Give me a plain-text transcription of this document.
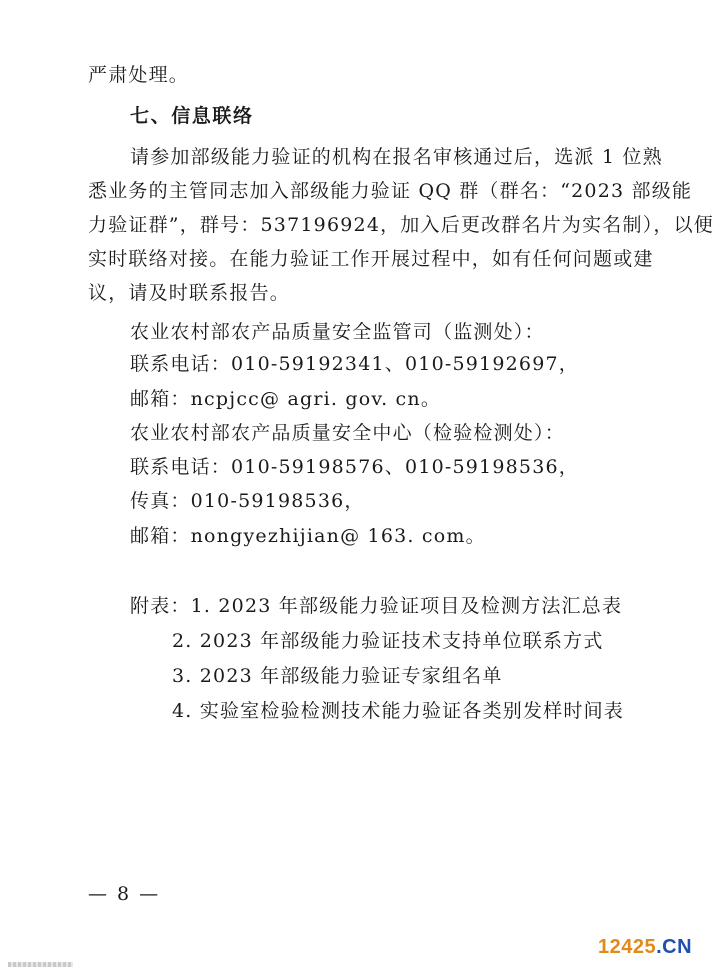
严肃处理。
七、信息联络
请参加部级能力验证的机构在报名审核通过后，选派 1 位熟
悉业务的主管同志加入部级能力验证 QQ 群（群名：“2023 部级能
力验证群”，群号：537196924，加入后更改群名片为实名制），以便
实时联络对接。在能力验证工作开展过程中，如有任何问题或建
议，请及时联系报告。
农业农村部农产品质量安全监管司（监测处）：
联系电话：010-59192341、010-59192697，
邮箱：ncpjcc@ agri. gov. cn。
农业农村部农产品质量安全中心（检验检测处）：
联系电话：010-59198576、010-59198536，
传真：010-59198536，
邮箱：nongyezhijian@ 163. com。
附表：1. 2023 年部级能力验证项目及检测方法汇总表
2. 2023 年部级能力验证技术支持单位联系方式
3. 2023 年部级能力验证专家组名单
4. 实验室检验检测技术能力验证各类别发样时间表
— 8 —
12425.CN
